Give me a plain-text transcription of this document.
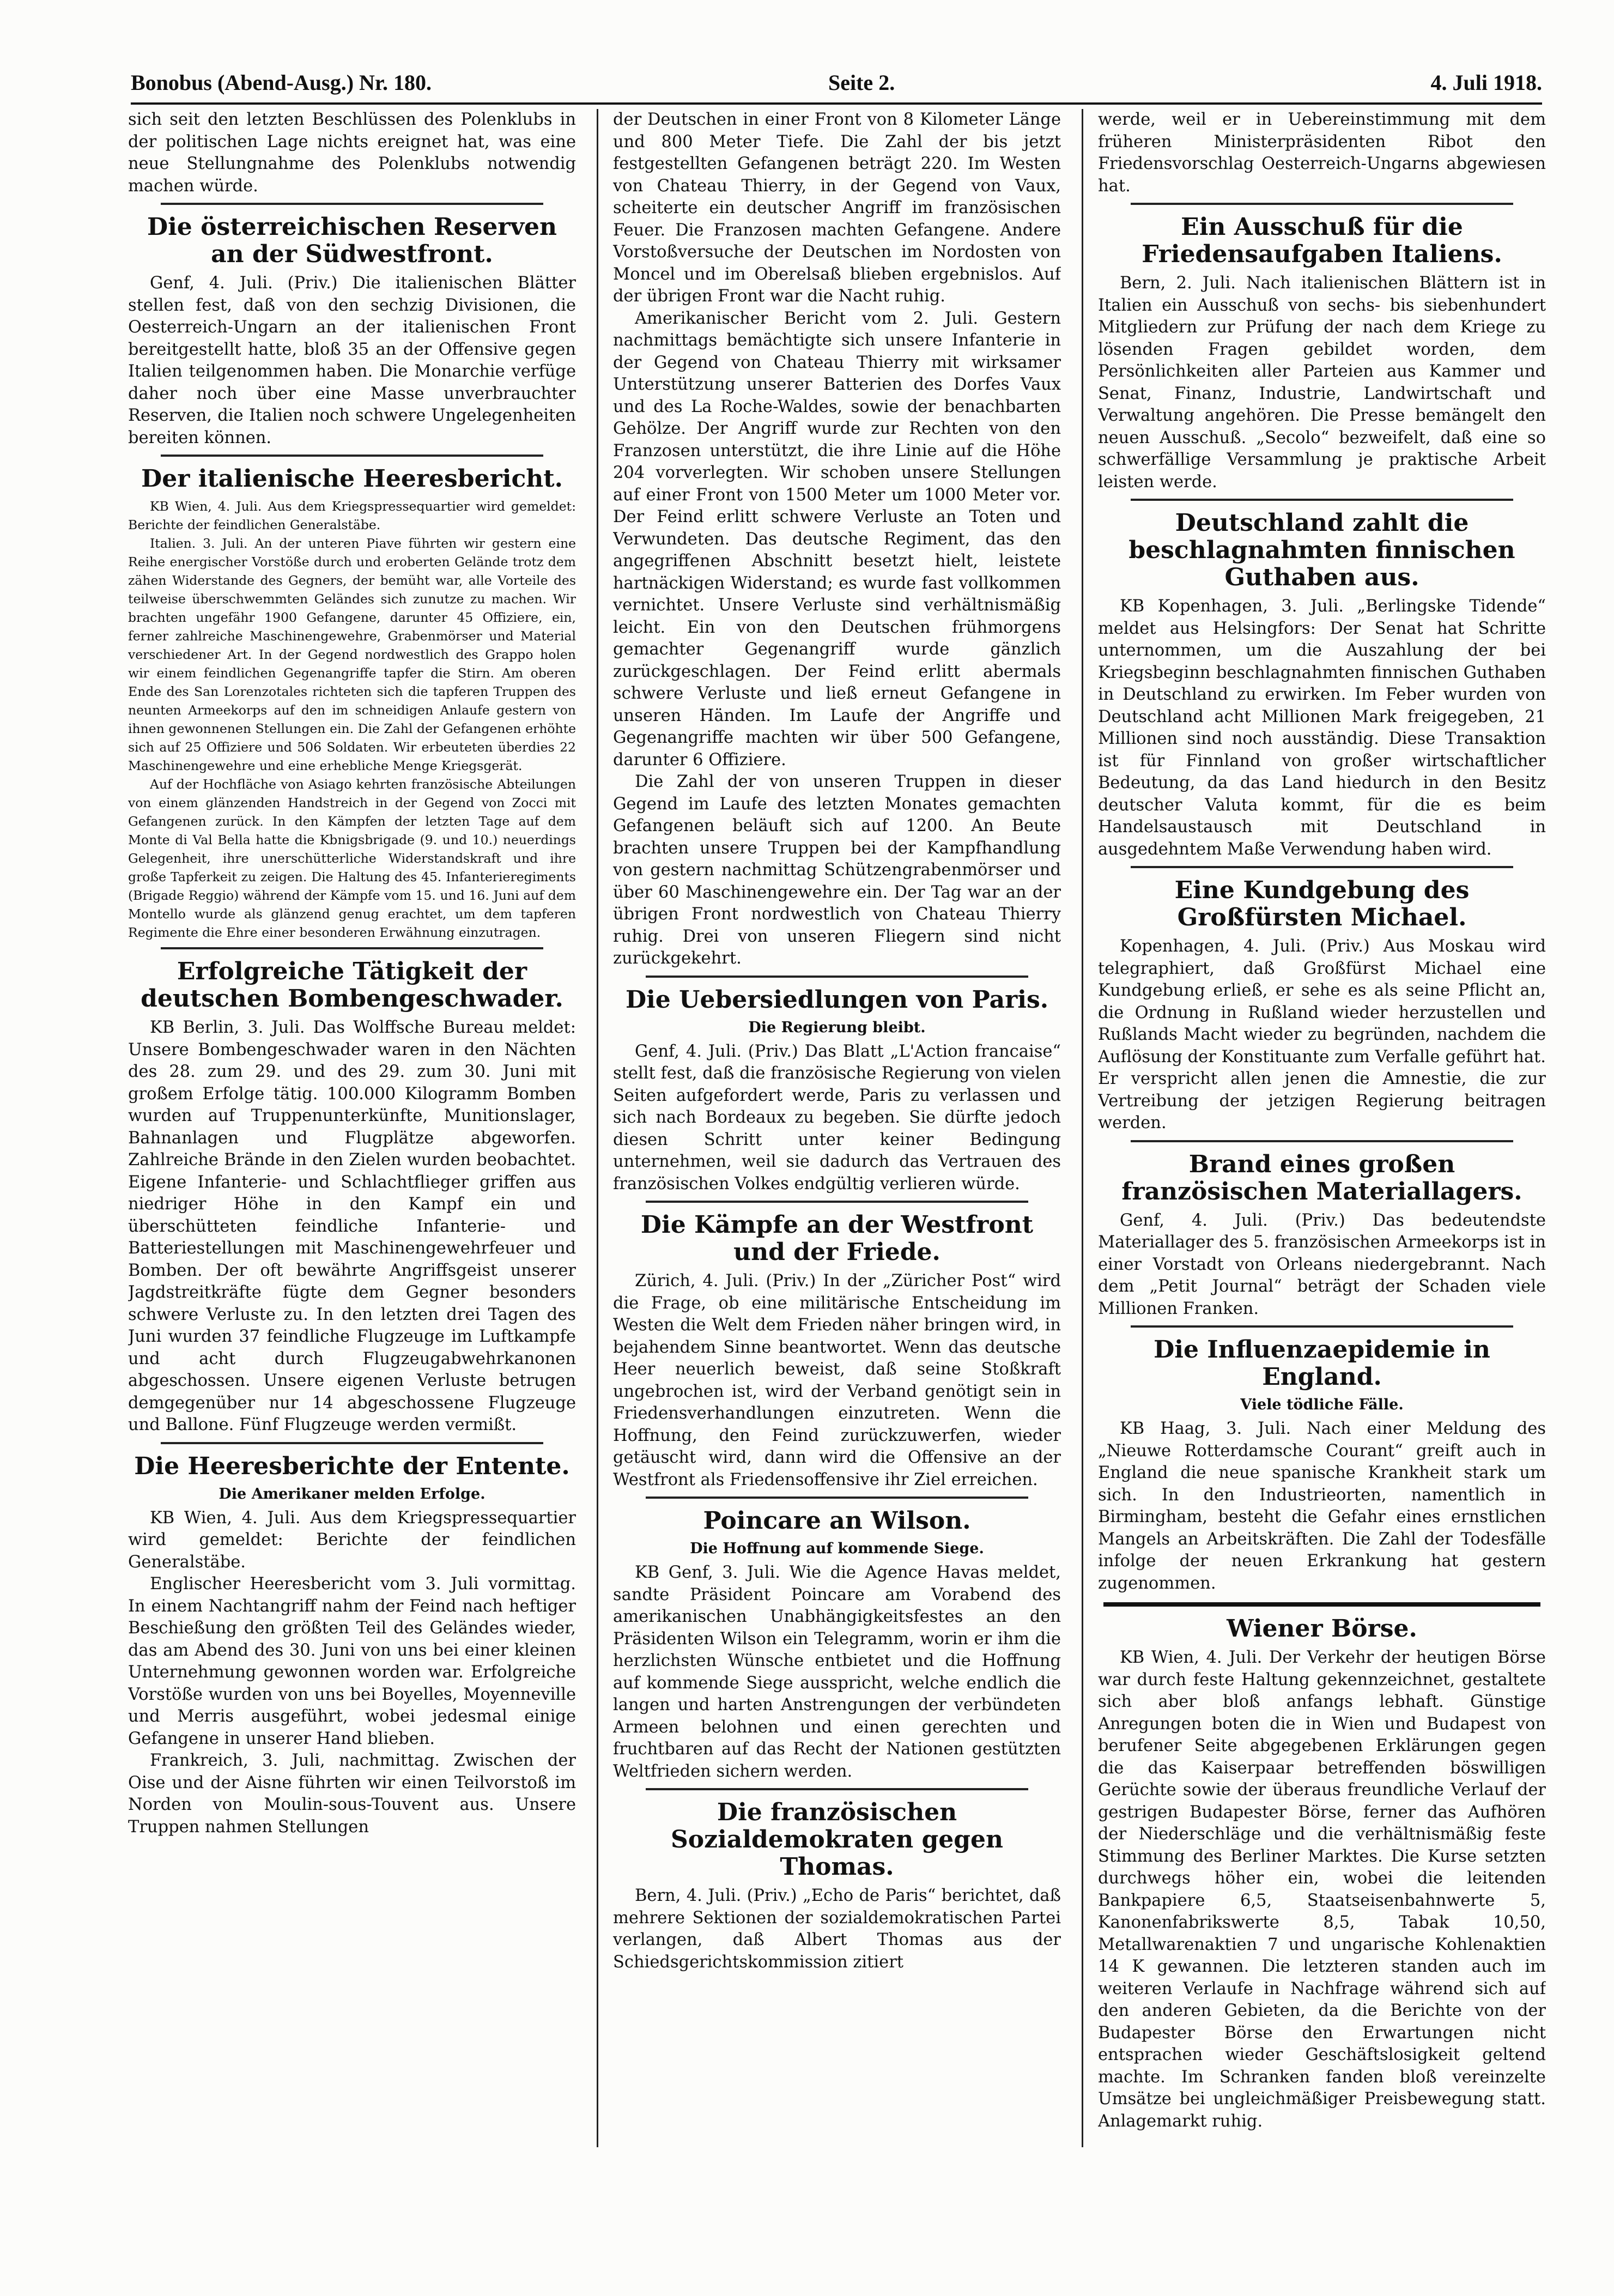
Bonobus (Abend-Ausg.) Nr. 180.	Seite 2.	4. Juli 1918.

sich seit den letzten Beschlüssen des Polenklubs in der politischen Lage nichts ereignet hat, was eine neue Stellungnahme des Polenklubs notwendig machen würde.

Die österreichischen Reserven an der Südwestfront.

Genf, 4. Juli. (Priv.) Die italienischen Blätter stellen fest, daß von den sechzig Divisionen, die Oesterreich-Ungarn an der italienischen Front bereitgestellt hatte, bloß 35 an der Offensive gegen Italien teilgenommen haben. Die Monarchie verfüge daher noch über eine Masse unverbrauchter Reserven, die Italien noch schwere Ungelegenheiten bereiten können.

Der italienische Heeresbericht.

KB Wien, 4. Juli. Aus dem Kriegspressequartier wird gemeldet: Berichte der feindlichen Generalstäbe.

Italien. 3. Juli. An der unteren Piave führten wir gestern eine Reihe energischer Vorstöße durch und eroberten Gelände trotz dem zähen Widerstande des Gegners, der bemüht war, alle Vorteile des teilweise überschwemmten Geländes sich zunutze zu machen. Wir brachten ungefähr 1900 Gefangene, darunter 45 Offiziere, ein, ferner zahlreiche Maschinengewehre, Grabenmörser und Material verschiedener Art. In der Gegend nordwestlich des Grappo holen wir einem feindlichen Gegenangriffe tapfer die Stirn. Am oberen Ende des San Lorenzotales richteten sich die tapferen Truppen des neunten Armeekorps auf den im schneidigen Anlaufe gestern von ihnen gewonnenen Stellungen ein. Die Zahl der Gefangenen erhöhte sich auf 25 Offiziere und 506 Soldaten. Wir erbeuteten überdies 22 Maschinengewehre und eine erhebliche Menge Kriegsgerät.

Auf der Hochfläche von Asiago kehrten französische Abteilungen von einem glänzenden Handstreich in der Gegend von Zocci mit Gefangenen zurück. In den Kämpfen der letzten Tage auf dem Monte di Val Bella hatte die Kbnigsbrigade (9. und 10.) neuerdings Gelegenheit, ihre unerschütterliche Widerstandskraft und ihre große Tapferkeit zu zeigen. Die Haltung des 45. Infanterieregiments (Brigade Reggio) während der Kämpfe vom 15. und 16. Juni auf dem Montello wurde als glänzend genug erachtet, um dem tapferen Regimente die Ehre einer besonderen Erwähnung einzutragen.

Erfolgreiche Tätigkeit der deutschen Bombengeschwader.

KB Berlin, 3. Juli. Das Wolffsche Bureau meldet: Unsere Bombengeschwader waren in den Nächten des 28. zum 29. und des 29. zum 30. Juni mit großem Erfolge tätig. 100.000 Kilogramm Bomben wurden auf Truppenunterkünfte, Munitionslager, Bahnanlagen und Flugplätze abgeworfen. Zahlreiche Brände in den Zielen wurden beobachtet. Eigene Infanterie- und Schlachtflieger griffen aus niedriger Höhe in den Kampf ein und überschütteten feindliche Infanterie- und Batteriestellungen mit Maschinengewehrfeuer und Bomben. Der oft bewährte Angriffsgeist unserer Jagdstreitkräfte fügte dem Gegner besonders schwere Verluste zu. In den letzten drei Tagen des Juni wurden 37 feindliche Flugzeuge im Luftkampfe und acht durch Flugzeugabwehrkanonen abgeschossen. Unsere eigenen Verluste betrugen demgegenüber nur 14 abgeschossene Flugzeuge und Ballone. Fünf Flugzeuge werden vermißt.

Die Heeresberichte der Entente.
Die Amerikaner melden Erfolge.

KB Wien, 4. Juli. Aus dem Kriegspressequartier wird gemeldet: Berichte der feindlichen Generalstäbe.

Englischer Heeresbericht vom 3. Juli vormittag. In einem Nachtangriff nahm der Feind nach heftiger Beschießung den größten Teil des Geländes wieder, das am Abend des 30. Juni von uns bei einer kleinen Unternehmung gewonnen worden war. Erfolgreiche Vorstöße wurden von uns bei Boyelles, Moyenneville und Merris ausgeführt, wobei jedesmal einige Gefangene in unserer Hand blieben.

Frankreich, 3. Juli, nachmittag. Zwischen der Oise und der Aisne führten wir einen Teilvorstoß im Norden von Moulin-sous-Touvent aus. Unsere Truppen nahmen Stellungen

der Deutschen in einer Front von 8 Kilometer Länge und 800 Meter Tiefe. Die Zahl der bis jetzt festgestellten Gefangenen beträgt 220. Im Westen von Chateau Thierry, in der Gegend von Vaux, scheiterte ein deutscher Angriff im französischen Feuer. Die Franzosen machten Gefangene. Andere Vorstoßversuche der Deutschen im Nordosten von Moncel und im Oberelsaß blieben ergebnislos. Auf der übrigen Front war die Nacht ruhig.

Amerikanischer Bericht vom 2. Juli. Gestern nachmittags bemächtigte sich unsere Infanterie in der Gegend von Chateau Thierry mit wirksamer Unterstützung unserer Batterien des Dorfes Vaux und des La Roche-Waldes, sowie der benachbarten Gehölze. Der Angriff wurde zur Rechten von den Franzosen unterstützt, die ihre Linie auf die Höhe 204 vorverlegten. Wir schoben unsere Stellungen auf einer Front von 1500 Meter um 1000 Meter vor. Der Feind erlitt schwere Verluste an Toten und Verwundeten. Das deutsche Regiment, das den angegriffenen Abschnitt besetzt hielt, leistete hartnäckigen Widerstand; es wurde fast vollkommen vernichtet. Unsere Verluste sind verhältnismäßig leicht. Ein von den Deutschen frühmorgens gemachter Gegenangriff wurde gänzlich zurückgeschlagen. Der Feind erlitt abermals schwere Verluste und ließ erneut Gefangene in unseren Händen. Im Laufe der Angriffe und Gegenangriffe machten wir über 500 Gefangene, darunter 6 Offiziere.

Die Zahl der von unseren Truppen in dieser Gegend im Laufe des letzten Monates gemachten Gefangenen beläuft sich auf 1200. An Beute brachten unsere Truppen bei der Kampfhandlung von gestern nachmittag Schützengrabenmörser und über 60 Maschinengewehre ein. Der Tag war an der übrigen Front nordwestlich von Chateau Thierry ruhig. Drei von unseren Fliegern sind nicht zurückgekehrt.

Die Uebersiedlungen von Paris.
Die Regierung bleibt.

Genf, 4. Juli. (Priv.) Das Blatt „L'Action francaise“ stellt fest, daß die französische Regierung von vielen Seiten aufgefordert werde, Paris zu verlassen und sich nach Bordeaux zu begeben. Sie dürfte jedoch diesen Schritt unter keiner Bedingung unternehmen, weil sie dadurch das Vertrauen des französischen Volkes endgültig verlieren würde.

Die Kämpfe an der Westfront und der Friede.

Zürich, 4. Juli. (Priv.) In der „Züricher Post“ wird die Frage, ob eine militärische Entscheidung im Westen die Welt dem Frieden näher bringen wird, in bejahendem Sinne beantwortet. Wenn das deutsche Heer neuerlich beweist, daß seine Stoßkraft ungebrochen ist, wird der Verband genötigt sein in Friedensverhandlungen einzutreten. Wenn die Hoffnung, den Feind zurückzuwerfen, wieder getäuscht wird, dann wird die Offensive an der Westfront als Friedensoffensive ihr Ziel erreichen.

Poincare an Wilson.
Die Hoffnung auf kommende Siege.

KB Genf, 3. Juli. Wie die Agence Havas meldet, sandte Präsident Poincare am Vorabend des amerikanischen Unabhängigkeitsfestes an den Präsidenten Wilson ein Telegramm, worin er ihm die herzlichsten Wünsche entbietet und die Hoffnung auf kommende Siege ausspricht, welche endlich die langen und harten Anstrengungen der verbündeten Armeen belohnen und einen gerechten und fruchtbaren auf das Recht der Nationen gestützten Weltfrieden sichern werden.

Die französischen Sozialdemokraten gegen Thomas.

Bern, 4. Juli. (Priv.) „Echo de Paris“ berichtet, daß mehrere Sektionen der sozialdemokratischen Partei verlangen, daß Albert Thomas aus der Schiedsgerichtskommission zitiert

werde, weil er in Uebereinstimmung mit dem früheren Ministerpräsidenten Ribot den Friedensvorschlag Oesterreich-Ungarns abgewiesen hat.

Ein Ausschuß für die Friedensaufgaben Italiens.

Bern, 2. Juli. Nach italienischen Blättern ist in Italien ein Ausschuß von sechs- bis siebenhundert Mitgliedern zur Prüfung der nach dem Kriege zu lösenden Fragen gebildet worden, dem Persönlichkeiten aller Parteien aus Kammer und Senat, Finanz, Industrie, Landwirtschaft und Verwaltung angehören. Die Presse bemängelt den neuen Ausschuß. „Secolo“ bezweifelt, daß eine so schwerfällige Versammlung je praktische Arbeit leisten werde.

Deutschland zahlt die beschlagnahmten finnischen Guthaben aus.

KB Kopenhagen, 3. Juli. „Berlingske Tidende“ meldet aus Helsingfors: Der Senat hat Schritte unternommen, um die Auszahlung der bei Kriegsbeginn beschlagnahmten finnischen Guthaben in Deutschland zu erwirken. Im Feber wurden von Deutschland acht Millionen Mark freigegeben, 21 Millionen sind noch ausständig. Diese Transaktion ist für Finnland von großer wirtschaftlicher Bedeutung, da das Land hiedurch in den Besitz deutscher Valuta kommt, für die es beim Handelsaustausch mit Deutschland in ausgedehntem Maße Verwendung haben wird.

Eine Kundgebung des Großfürsten Michael.

Kopenhagen, 4. Juli. (Priv.) Aus Moskau wird telegraphiert, daß Großfürst Michael eine Kundgebung erließ, er sehe es als seine Pflicht an, die Ordnung in Rußland wieder herzustellen und Rußlands Macht wieder zu begründen, nachdem die Auflösung der Konstituante zum Verfalle geführt hat. Er verspricht allen jenen die Amnestie, die zur Vertreibung der jetzigen Regierung beitragen werden.

Brand eines großen französischen Materiallagers.

Genf, 4. Juli. (Priv.) Das bedeutendste Materiallager des 5. französischen Armeekorps ist in einer Vorstadt von Orleans niedergebrannt. Nach dem „Petit Journal“ beträgt der Schaden viele Millionen Franken.

Die Influenzaepidemie in England.
Viele tödliche Fälle.

KB Haag, 3. Juli. Nach einer Meldung des „Nieuwe Rotterdamsche Courant“ greift auch in England die neue spanische Krankheit stark um sich. In den Industrieorten, namentlich in Birmingham, besteht die Gefahr eines ernstlichen Mangels an Arbeitskräften. Die Zahl der Todesfälle infolge der neuen Erkrankung hat gestern zugenommen.

Wiener Börse.

KB Wien, 4. Juli. Der Verkehr der heutigen Börse war durch feste Haltung gekennzeichnet, gestaltete sich aber bloß anfangs lebhaft. Günstige Anregungen boten die in Wien und Budapest von berufener Seite abgegebenen Erklärungen gegen die das Kaiserpaar betreffenden böswilligen Gerüchte sowie der überaus freundliche Verlauf der gestrigen Budapester Börse, ferner das Aufhören der Niederschläge und die verhältnismäßig feste Stimmung des Berliner Marktes. Die Kurse setzten durchwegs höher ein, wobei die leitenden Bankpapiere 6,5, Staatseisenbahnwerte 5, Kanonenfabrikswerte 8,5, Tabak 10,50, Metallwarenaktien 7 und ungarische Kohlenaktien 14 K gewannen. Die letzteren standen auch im weiteren Verlaufe in Nachfrage während sich auf den anderen Gebieten, da die Berichte von der Budapester Börse den Erwartungen nicht entsprachen wieder Geschäftslosigkeit geltend machte. Im Schranken fanden bloß vereinzelte Umsätze bei ungleichmäßiger Preisbewegung statt. Anlagemarkt ruhig.
